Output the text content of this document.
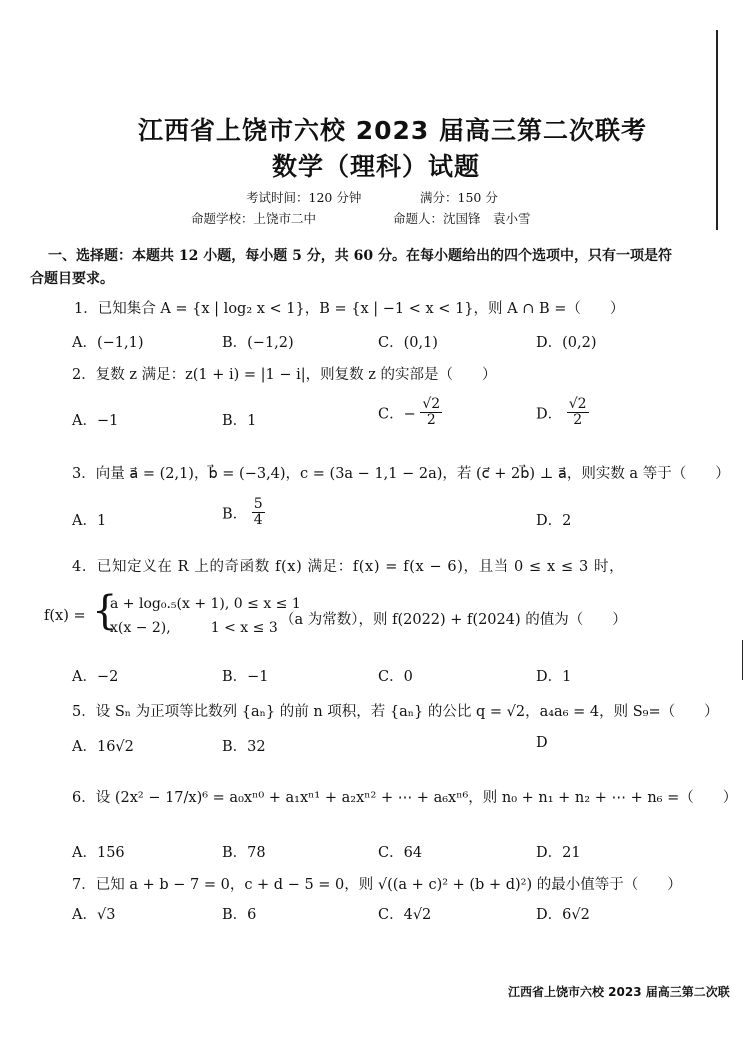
江西省上饶市六校 2023 届高三第二次联考
数学（理科）试题
考试时间：120 分钟	满分：150 分
命题学校：上饶市二中	命题人：沈国锋　袁小雪
一、选择题：本题共 12 小题，每小题 5 分，共 60 分。在每小题给出的四个选项中，只有一项是符
合题目要求。
1．已知集合 A = {x | log₂ x < 1}，B = {x | −1 < x < 1}，则 A ∩ B =（　　）
A．(−1,1)	B．(−1,2)	C．(0,1)	D．(0,2)
2．复数 z 满足：z(1 + i) = |1 − i|，则复数 z 的实部是（　　）
A．−1	B．1	C．− $\frac{√2}{2}$	D． $\frac{√2}{2}$
3．向量 a⃗ = (2,1)，b⃗ = (−3,4)，c = (3a − 1,1 − 2a)，若 (c⃗ + 2b⃗) ⊥ a⃗，则实数 a 等于（　　）
A．1	B． $\frac{5}{4}$	D．2
4．已知定义在 R 上的奇函数 f(x) 满足：f(x) = f(x − 6)，且当 0 ≤ x ≤ 3 时，
f(x) = {
a + log₀.₅(x + 1), 0 ≤ x ≤ 1
x(x − 2),         1 < x ≤ 3 （a 为常数），则 f(2022) + f(2024) 的值为（　　）
A．−2	B．−1	C．0	D．1
5．设 Sₙ 为正项等比数列 {aₙ} 的前 n 项积，若 {aₙ} 的公比 q = √2，a₄a₆ = 4，则 S₉=（　　）
A．16√2	B．32	D
6．设 (2x² − 17/x)⁶ = a₀xⁿ⁰ + a₁xⁿ¹ + a₂xⁿ² + ⋯ + a₆xⁿ⁶，则 n₀ + n₁ + n₂ + ⋯ + n₆ =（　　）
A．156	B．78	C．64	D．21
7．已知 a + b − 7 = 0，c + d − 5 = 0，则 √((a + c)² + (b + d)²) 的最小值等于（　　）
A．√3	B．6	C．4√2	D．6√2
江西省上饶市六校 2023 届高三第二次联
